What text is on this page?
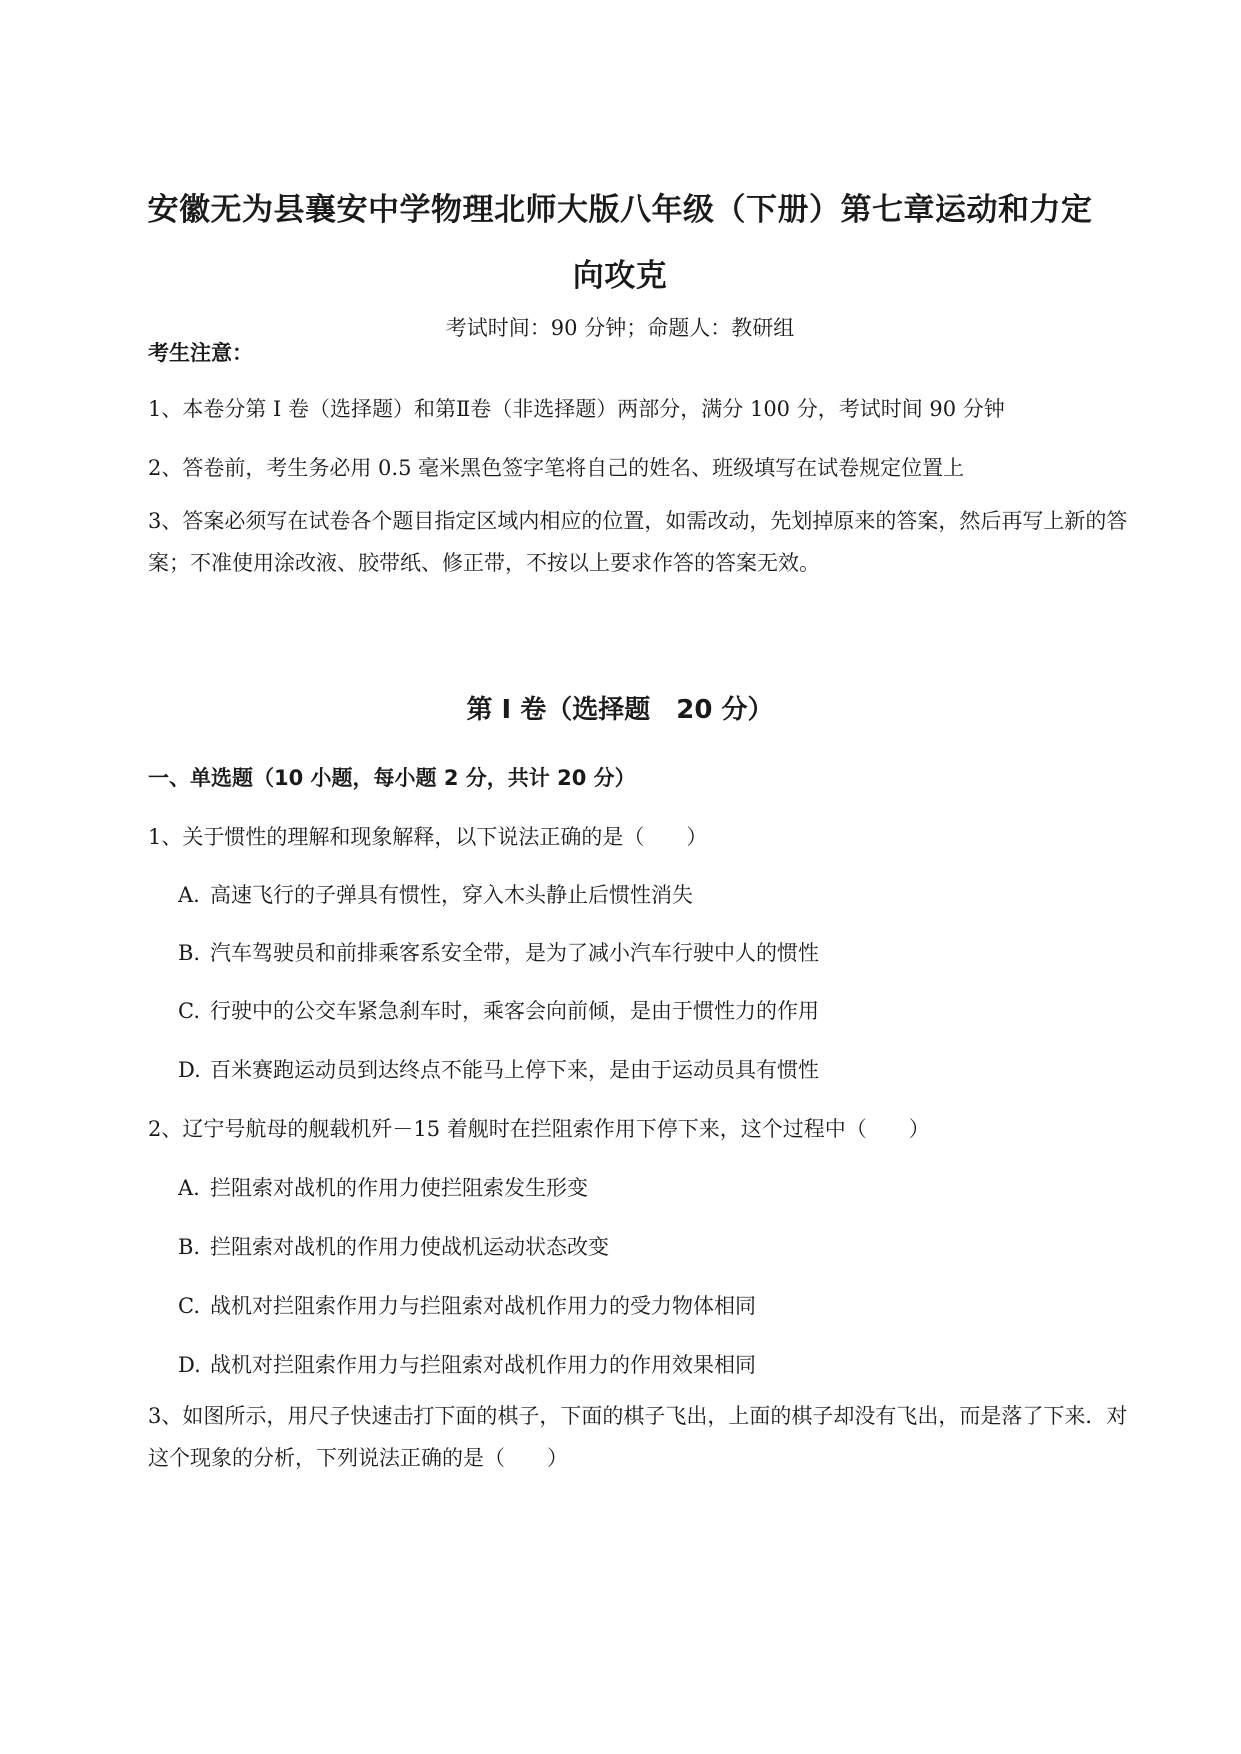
安徽无为县襄安中学物理北师大版八年级（下册）第七章运动和力定
向攻克
考试时间：90 分钟；命题人：教研组
考生注意：
1、本卷分第 I 卷（选择题）和第Ⅱ卷（非选择题）两部分，满分 100 分，考试时间 90 分钟
2、答卷前，考生务必用 0.5 毫米黑色签字笔将自己的姓名、班级填写在试卷规定位置上
3、答案必须写在试卷各个题目指定区域内相应的位置，如需改动，先划掉原来的答案，然后再写上新的答案；不准使用涂改液、胶带纸、修正带，不按以上要求作答的答案无效。
第 I 卷（选择题　20 分）
一、单选题（10 小题，每小题 2 分，共计 20 分）
1、关于惯性的理解和现象解释，以下说法正确的是（　　）
A. 高速飞行的子弹具有惯性，穿入木头静止后惯性消失
B. 汽车驾驶员和前排乘客系安全带，是为了减小汽车行驶中人的惯性
C. 行驶中的公交车紧急刹车时，乘客会向前倾，是由于惯性力的作用
D. 百米赛跑运动员到达终点不能马上停下来，是由于运动员具有惯性
2、辽宁号航母的舰载机歼－15 着舰时在拦阻索作用下停下来，这个过程中（　　）
A. 拦阻索对战机的作用力使拦阻索发生形变
B. 拦阻索对战机的作用力使战机运动状态改变
C. 战机对拦阻索作用力与拦阻索对战机作用力的受力物体相同
D. 战机对拦阻索作用力与拦阻索对战机作用力的作用效果相同
3、如图所示，用尺子快速击打下面的棋子，下面的棋子飞出，上面的棋子却没有飞出，而是落了下来．对这个现象的分析，下列说法正确的是（　　）
